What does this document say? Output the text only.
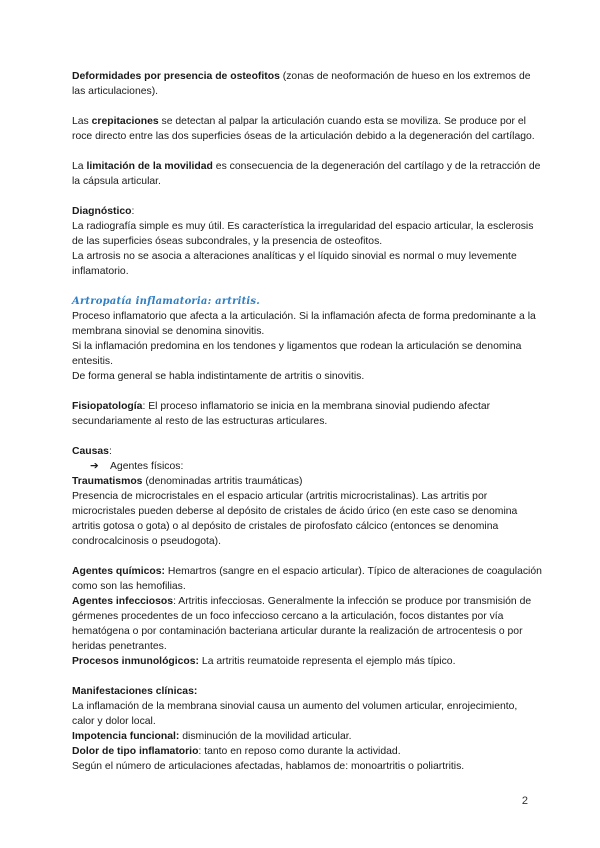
Deformidades por presencia de osteofitos (zonas de neoformación de hueso en los extremos de las articulaciones).

Las crepitaciones se detectan al palpar la articulación cuando esta se moviliza. Se produce por el roce directo entre las dos superficies óseas de la articulación debido a la degeneración del cartílago.

La limitación de la movilidad es consecuencia de la degeneración del cartílago y de la retracción de la cápsula articular.

Diagnóstico:

La radiografía simple es muy útil. Es característica la irregularidad del espacio articular, la esclerosis de las superficies óseas subcondrales, y la presencia de osteofitos.

La artrosis no se asocia a alteraciones analíticas y el líquido sinovial es normal o muy levemente inflamatorio.

Artropatía inflamatoria: artritis.

Proceso inflamatorio que afecta a la articulación. Si la inflamación afecta de forma predominante a la membrana sinovial se denomina sinovitis.

Si la inflamación predomina en los tendones y ligamentos que rodean la articulación se denomina entesitis.

De forma general se habla indistintamente de artritis o sinovitis.

Fisiopatología: El proceso inflamatorio se inicia en la membrana sinovial pudiendo afectar secundariamente al resto de las estructuras articulares.

Causas:

➔ Agentes físicos:

Traumatismos (denominadas artritis traumáticas)

Presencia de microcristales en el espacio articular (artritis microcristalinas). Las artritis por microcristales pueden deberse al depósito de cristales de ácido úrico (en este caso se denomina artritis gotosa o gota) o al depósito de cristales de pirofosfato cálcico (entonces se denomina condrocalcinosis o pseudogota).

Agentes químicos: Hemartros (sangre en el espacio articular). Típico de alteraciones de coagulación como son las hemofilias.

Agentes infecciosos: Artritis infecciosas. Generalmente la infección se produce por transmisión de gérmenes procedentes de un foco infeccioso cercano a la articulación, focos distantes por vía hematógena o por contaminación bacteriana articular durante la realización de artrocentesis o por heridas penetrantes.

Procesos inmunológicos: La artritis reumatoide representa el ejemplo más típico.

Manifestaciones clínicas:

La inflamación de la membrana sinovial causa un aumento del volumen articular, enrojecimiento, calor y dolor local.

Impotencia funcional: disminución de la movilidad articular.

Dolor de tipo inflamatorio: tanto en reposo como durante la actividad.

Según el número de articulaciones afectadas, hablamos de: monoartritis o poliartritis.

2
